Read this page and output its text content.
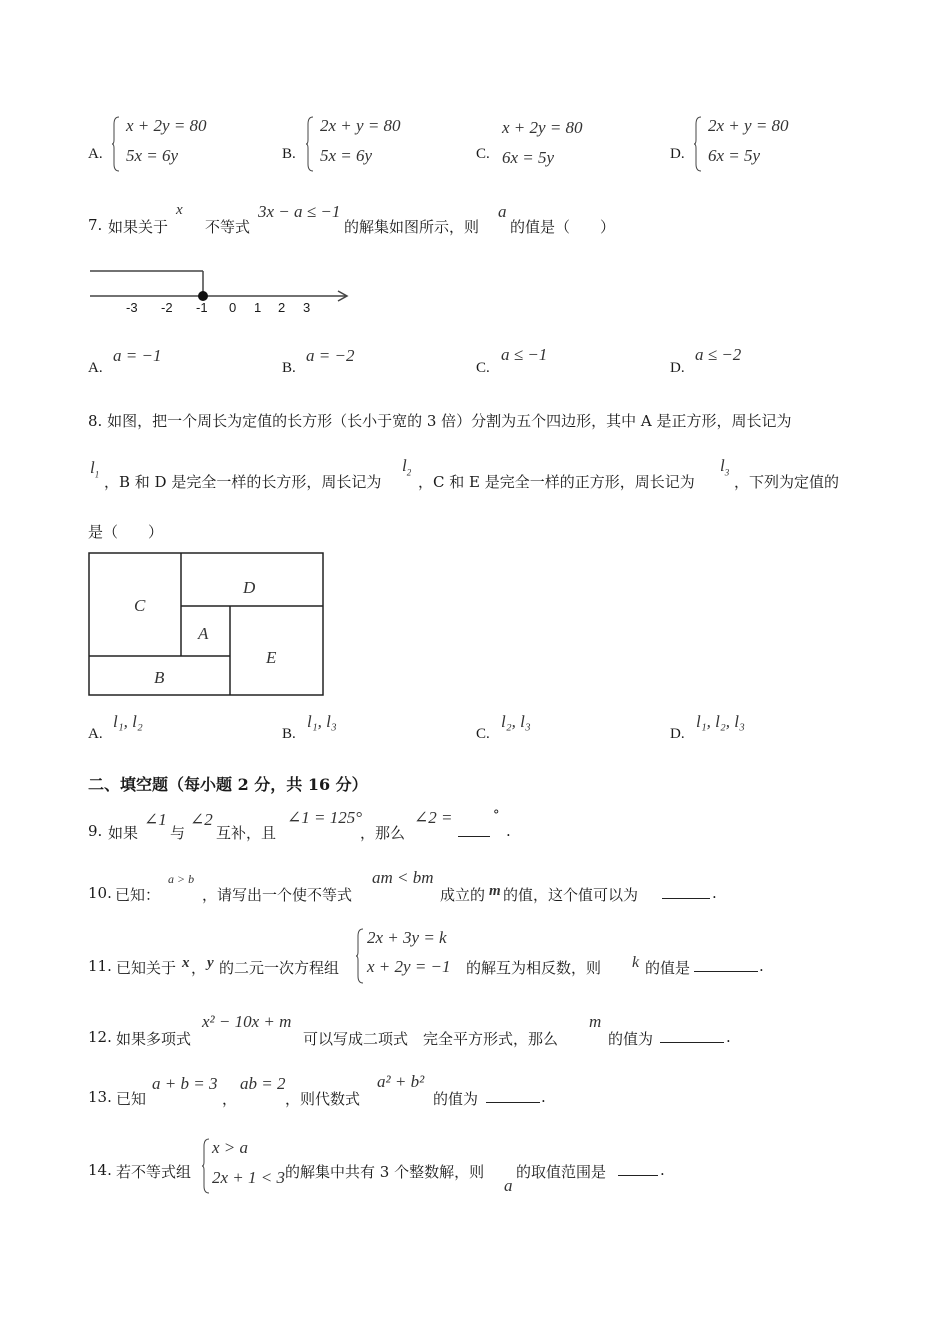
A.
x + 2y = 80
5x = 6y	B.
2x + y = 80
5x = 6y	C.
x + 2y = 80
6x = 5y	D.
2x + y = 80
6x = 5y
7. 如果关于
x
不等式
3x − a ≤ −1
的解集如图所示，则
a
的值是（　　）
-3 -2 -1 0 1 2 3
A.
a = −1
B.
a = −2
C.
a ≤ −1
D.
a ≤ −2
8. 如图，把一个周长为定值的长方形（长小于宽的 3 倍）分割为五个四边形，其中 A 是正方形，周长记为
$l_1$ ，B 和 D 是完全一样的长方形，周长记为
$l_2$
，C 和 E 是完全一样的正方形，周长记为
$l_3$
，下列为定值的
是（　　）
C
D
A
E
B
A.
l₁, l₂
B.
l₁, l₃
C.
l₂, l₃
D.
l₁, l₂, l₃
二、填空题（每小题 2 分，共 16 分）
9. 如果
∠1
与
∠2
互补，且
∠1 = 125°
，那么
∠2 =	°
.
10. 已知：
a > b
，请写出一个使不等式
am < bm
成立的 m 的值，这个值可以为	.
11. 已知关于 x ， y 的二元一次方程组
2x + 3y = k
x + 2y = −1 的解互为相反数，则 k 的值是	.
12. 如果多项式
x² − 10x + m
可以写成二项式　完全平方形式，那么
m
的值为	.
13. 已知
a + b = 3
，
ab = 2
，则代数式
a² + b²
的值为	.
14. 若不等式组
x > a
2x + 1 < 3 的解集中共有 3 个整数解，则
a
的取值范围是	.
